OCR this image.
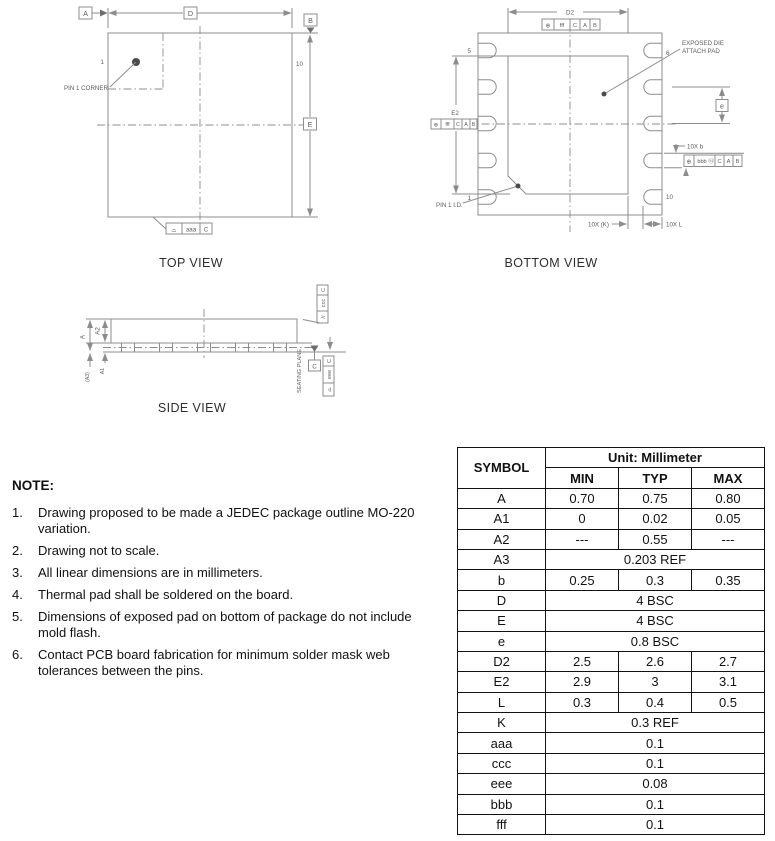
D
A
B
E
PIN 1 CORNER
1	10
⌓ aaa C
TOP VIEW
D2
⊕ fff C A B
5	6
1	10
E2
⊕ fff C A B
e
10X b
⊕ bbb Ⓜ C A B
10X (K)	10X L
EXPOSED DIE
ATTACH PAD
PIN 1 I.D.
BOTTOM VIEW
A
A2
A1
(A3)
//
ccc
C
C
⌓
eee
C
SEATING PLANE
SIDE VIEW
NOTE:
1.	Drawing proposed to be made a JEDEC package outline MO-220 variation.
2.	Drawing not to scale.
3.	All linear dimensions are in millimeters.
4.	Thermal pad shall be soldered on the board.
5.	Dimensions of exposed pad on bottom of package do not include mold flash.
6.	Contact PCB board fabrication for minimum solder mask web tolerances between the pins.
SYMBOL	Unit: Millimeter		
	MIN	TYP	MAX
A	0.70	0.75	0.80
A1	0	0.02	0.05
A2	---	0.55	---
A3	0.203 REF		
b	0.25	0.3	0.35
D	4 BSC		
E	4 BSC		
e	0.8 BSC		
D2	2.5	2.6	2.7
E2	2.9	3	3.1
L	0.3	0.4	0.5
K	0.3 REF		
aaa	0.1		
ccc	0.1		
eee	0.08		
bbb	0.1		
fff	0.1		
